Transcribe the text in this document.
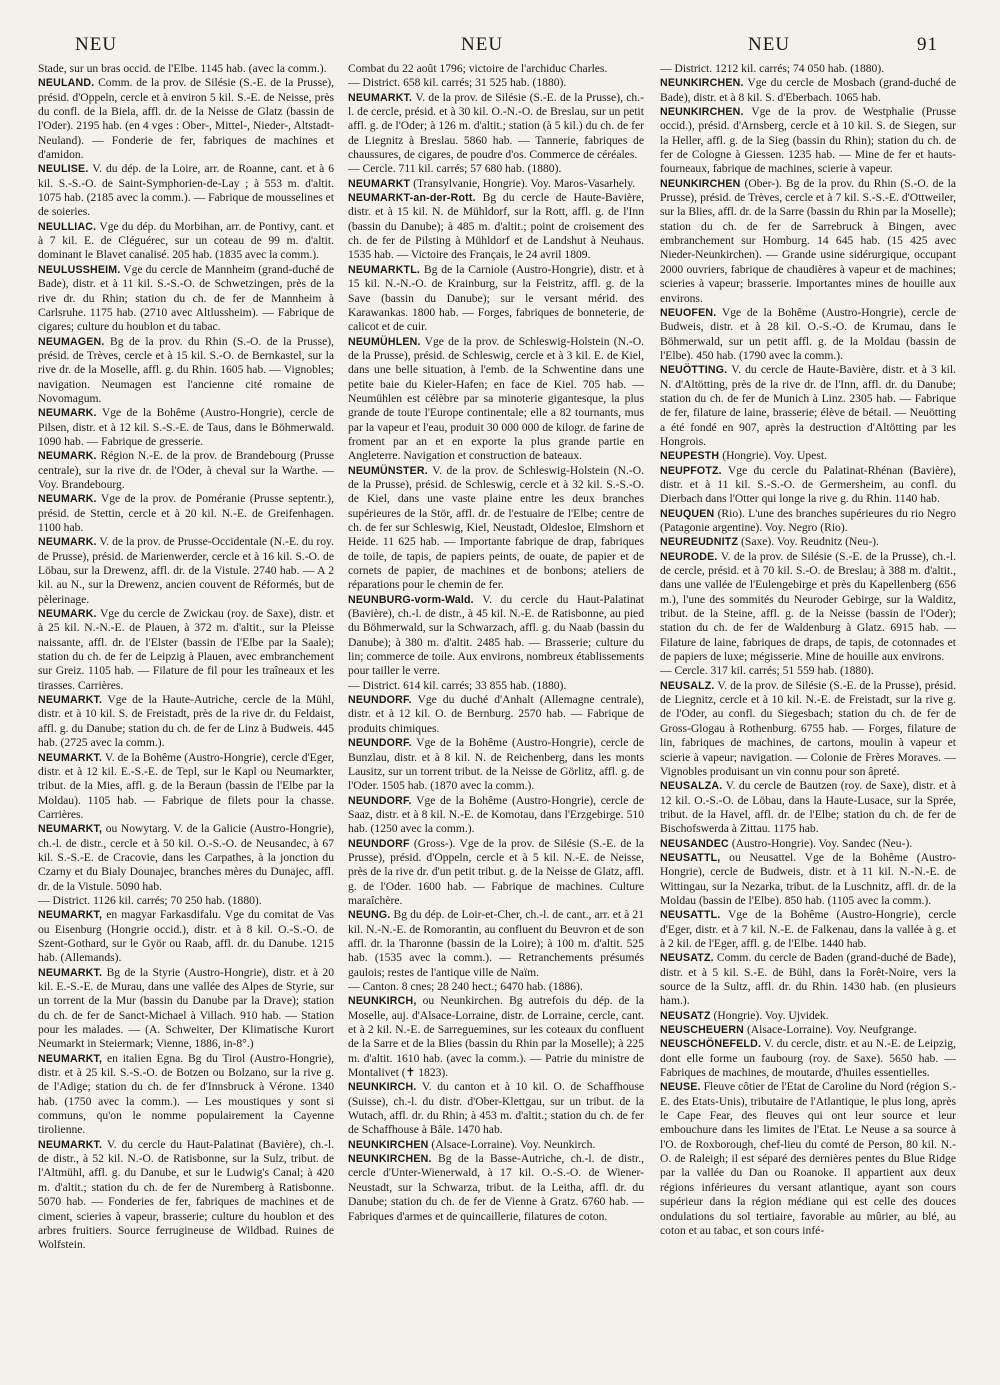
NEU	NEU	NEU	91

Stade, sur un bras occid. de l'Elbe. 1145 hab. (avec la comm.).

NEULAND. Comm. de la prov. de Silésie (S.-E. de la Prusse), présid. d'Oppeln, cercle et à environ 5 kil. S.-E. de Neisse, près du confl. de la Biela, affl. dr. de la Neisse de Glatz (bassin de l'Oder). 2195 hab. (en 4 vges : Ober-, Mittel-, Nieder-, Altstadt-Neuland). — Fonderie de fer, fabriques de machines et d'amidon.

NEULISE. V. du dép. de la Loire, arr. de Roanne, cant. et à 6 kil. S.-S.-O. de Saint-Symphorien-de-Lay ; à 553 m. d'altit. 1075 hab. (2185 avec la comm.). — Fabrique de mousselines et de soieries.

NEULLIAC. Vge du dép. du Morbihan, arr. de Pontivy, cant. et à 7 kil. E. de Cléguérec, sur un coteau de 99 m. d'altit. dominant le Blavet canalisé. 205 hab. (1835 avec la comm.).

NEULUSSHEIM. Vge du cercle de Mannheim (grand-duché de Bade), distr. et à 11 kil. S.-S.-O. de Schwetzingen, près de la rive dr. du Rhin; station du ch. de fer de Mannheim à Carlsruhe. 1175 hab. (2710 avec Altlussheim). — Fabrique de cigares; culture du houblon et du tabac.

NEUMAGEN. Bg de la prov. du Rhin (S.-O. de la Prusse), présid. de Trèves, cercle et à 15 kil. S.-O. de Bernkastel, sur la rive dr. de la Moselle, affl. g. du Rhin. 1605 hab. — Vignobles; navigation. Neumagen est l'ancienne cité romaine de Novomagum.

NEUMARK. Vge de la Bohême (Austro-Hongrie), cercle de Pilsen, distr. et à 12 kil. S.-S.-E. de Taus, dans le Böhmerwald. 1090 hab. — Fabrique de gresserie.

NEUMARK. Région N.-E. de la prov. de Brandebourg (Prusse centrale), sur la rive dr. de l'Oder, à cheval sur la Warthe. — Voy. Brandebourg.

NEUMARK. Vge de la prov. de Poméranie (Prusse septentr.), présid. de Stettin, cercle et à 20 kil. N.-E. de Greifenhagen. 1100 hab.

NEUMARK. V. de la prov. de Prusse-Occidentale (N.-E. du roy. de Prusse), présid. de Marienwerder, cercle et à 16 kil. S.-O. de Löbau, sur la Drewenz, affl. dr. de la Vistule. 2740 hab. — A 2 kil. au N., sur la Drewenz, ancien couvent de Réformés, but de pèlerinage.

NEUMARK. Vge du cercle de Zwickau (roy. de Saxe), distr. et à 25 kil. N.-N.-E. de Plauen, à 372 m. d'altit., sur la Pleisse naissante, affl. dr. de l'Elster (bassin de l'Elbe par la Saale); station du ch. de fer de Leipzig à Plauen, avec embranchement sur Greiz. 1105 hab. — Filature de fil pour les traîneaux et les tirasses. Carrières.

NEUMARKT. Vge de la Haute-Autriche, cercle de la Mühl, distr. et à 10 kil. S. de Freistadt, près de la rive dr. du Feldaist, affl. g. du Danube; station du ch. de fer de Linz à Budweis. 445 hab. (2725 avec la comm.).

NEUMARKT. V. de la Bohême (Austro-Hongrie), cercle d'Eger, distr. et à 12 kil. E.-S.-E. de Tepl, sur le Kapl ou Neumarkter, tribut. de la Mies, affl. g. de la Beraun (bassin de l'Elbe par la Moldau). 1105 hab. — Fabrique de filets pour la chasse. Carrières.

NEUMARKT, ou Nowytarg. V. de la Galicie (Austro-Hongrie), ch.-l. de distr., cercle et à 50 kil. O.-S.-O. de Neusandec, à 67 kil. S.-S.-E. de Cracovie, dans les Carpathes, à la jonction du Czarny et du Bialy Dounajec, branches mères du Dunajec, affl. dr. de la Vistule. 5090 hab.

— District. 1126 kil. carrés; 70 250 hab. (1880).

NEUMARKT, en magyar Farkasdifalu. Vge du comitat de Vas ou Eisenburg (Hongrie occid.), distr. et à 8 kil. O.-S.-O. de Szent-Gothard, sur le Györ ou Raab, affl. dr. du Danube. 1215 hab. (Allemands).

NEUMARKT. Bg de la Styrie (Austro-Hongrie), distr. et à 20 kil. E.-S.-E. de Murau, dans une vallée des Alpes de Styrie, sur un torrent de la Mur (bassin du Danube par la Drave); station du ch. de fer de Sanct-Michael à Villach. 910 hab. — Station pour les malades. — (A. Schweiter, Der Klimatische Kurort Neumarkt in Steiermark; Vienne, 1886, in-8°.)

NEUMARKT, en italien Egna. Bg du Tirol (Austro-Hongrie), distr. et à 25 kil. S.-S.-O. de Botzen ou Bolzano, sur la rive g. de l'Adige; station du ch. de fer d'Innsbruck à Vérone. 1340 hab. (1750 avec la comm.). — Les moustiques y sont si communs, qu'on le nomme populairement la Cayenne tirolienne.

NEUMARKT. V. du cercle du Haut-Palatinat (Bavière), ch.-l. de distr., à 52 kil. N.-O. de Ratisbonne, sur la Sulz, tribut. de l'Altmühl, affl. g. du Danube, et sur le Ludwig's Canal; à 420 m. d'altit.; station du ch. de fer de Nuremberg à Ratisbonne. 5070 hab. — Fonderies de fer, fabriques de machines et de ciment, scieries à vapeur, brasserie; culture du houblon et des arbres fruitiers. Source ferrugineuse de Wildbad. Ruines de Wolfstein.

Combat du 22 août 1796; victoire de l'archiduc Charles.

— District. 658 kil. carrés; 31 525 hab. (1880).

NEUMARKT. V. de la prov. de Silésie (S.-E. de la Prusse), ch.-l. de cercle, présid. et à 30 kil. O.-N.-O. de Breslau, sur un petit affl. g. de l'Oder; à 126 m. d'altit.; station (à 5 kil.) du ch. de fer de Liegnitz à Breslau. 5860 hab. — Tannerie, fabriques de chaussures, de cigares, de poudre d'os. Commerce de céréales.

— Cercle. 711 kil. carrés; 57 680 hab. (1880).

NEUMARKT (Transylvanie, Hongrie). Voy. Maros-Vasarhely.

NEUMARKT-an-der-Rott. Bg du cercle de Haute-Bavière, distr. et à 15 kil. N. de Mühldorf, sur la Rott, affl. g. de l'Inn (bassin du Danube); à 485 m. d'altit.; point de croisement des ch. de fer de Pilsting à Mühldorf et de Landshut à Neuhaus. 1535 hab. — Victoire des Français, le 24 avril 1809.

NEUMARKTL. Bg de la Carniole (Austro-Hongrie), distr. et à 15 kil. N.-N.-O. de Krainburg, sur la Feistritz, affl. g. de la Save (bassin du Danube); sur le versant mérid. des Karawankas. 1800 hab. — Forges, fabriques de bonneterie, de calicot et de cuir.

NEUMÜHLEN. Vge de la prov. de Schleswig-Holstein (N.-O. de la Prusse), présid. de Schleswig, cercle et à 3 kil. E. de Kiel, dans une belle situation, à l'emb. de la Schwentine dans une petite baie du Kieler-Hafen; en face de Kiel. 705 hab. — Neumühlen est célèbre par sa minoterie gigantesque, la plus grande de toute l'Europe continentale; elle a 82 tournants, mus par la vapeur et l'eau, produit 30 000 000 de kilogr. de farine de froment par an et en exporte la plus grande partie en Angleterre. Navigation et construction de bateaux.

NEUMÜNSTER. V. de la prov. de Schleswig-Holstein (N.-O. de la Prusse), présid. de Schleswig, cercle et à 32 kil. S.-S.-O. de Kiel, dans une vaste plaine entre les deux branches supérieures de la Stör, affl. dr. de l'estuaire de l'Elbe; centre de ch. de fer sur Schleswig, Kiel, Neustadt, Oldesloe, Elmshorn et Heide. 11 625 hab. — Importante fabrique de drap, fabriques de toile, de tapis, de papiers peints, de ouate, de papier et de cornets de papier, de machines et de bonbons; ateliers de réparations pour le chemin de fer.

NEUNBURG-vorm-Wald. V. du cercle du Haut-Palatinat (Bavière), ch.-l. de distr., à 45 kil. N.-E. de Ratisbonne, au pied du Böhmerwald, sur la Schwarzach, affl. g. du Naab (bassin du Danube); à 380 m. d'altit. 2485 hab. — Brasserie; culture du lin; commerce de toile. Aux environs, nombreux établissements pour tailler le verre.

— District. 614 kil. carrés; 33 855 hab. (1880).

NEUNDORF. Vge du duché d'Anhalt (Allemagne centrale), distr. et à 12 kil. O. de Bernburg. 2570 hab. — Fabrique de produits chimiques.

NEUNDORF. Vge de la Bohême (Austro-Hongrie), cercle de Bunzlau, distr. et à 8 kil. N. de Reichenberg, dans les monts Lausitz, sur un torrent tribut. de la Neisse de Görlitz, affl. g. de l'Oder. 1505 hab. (1870 avec la comm.).

NEUNDORF. Vge de la Bohême (Austro-Hongrie), cercle de Saaz, distr. et à 8 kil. N.-E. de Komotau, dans l'Erzgebirge. 510 hab. (1250 avec la comm.).

NEUNDORF (Gross-). Vge de la prov. de Silésie (S.-E. de la Prusse), présid. d'Oppeln, cercle et à 5 kil. N.-E. de Neisse, près de la rive dr. d'un petit tribut. g. de la Neisse de Glatz, affl. g. de l'Oder. 1600 hab. — Fabrique de machines. Culture maraîchère.

NEUNG. Bg du dép. de Loir-et-Cher, ch.-l. de cant., arr. et à 21 kil. N.-N.-E. de Romorantin, au confluent du Beuvron et de son affl. dr. la Tharonne (bassin de la Loire); à 100 m. d'altit. 525 hab. (1535 avec la comm.). — Retranchements présumés gaulois; restes de l'antique ville de Naïm.

— Canton. 8 cnes; 28 240 hect.; 6470 hab. (1886).

NEUNKIRCH, ou Neunkirchen. Bg autrefois du dép. de la Moselle, auj. d'Alsace-Lorraine, distr. de Lorraine, cercle, cant. et à 2 kil. N.-E. de Sarreguemines, sur les coteaux du confluent de la Sarre et de la Blies (bassin du Rhin par la Moselle); à 225 m. d'altit. 1610 hab. (avec la comm.). — Patrie du ministre de Montalivet (✝ 1823).

NEUNKIRCH. V. du canton et à 10 kil. O. de Schaffhouse (Suisse), ch.-l. du distr. d'Ober-Klettgau, sur un tribut. de la Wutach, affl. dr. du Rhin; à 453 m. d'altit.; station du ch. de fer de Schaffhouse à Bâle. 1470 hab.

NEUNKIRCHEN (Alsace-Lorraine). Voy. Neunkirch.

NEUNKIRCHEN. Bg de la Basse-Autriche, ch.-l. de distr., cercle d'Unter-Wienerwald, à 17 kil. O.-S.-O. de Wiener-Neustadt, sur la Schwarza, tribut. de la Leitha, affl. dr. du Danube; station du ch. de fer de Vienne à Gratz. 6760 hab. — Fabriques d'armes et de quincaillerie, filatures de coton.

— District. 1212 kil. carrés; 74 050 hab. (1880).

NEUNKIRCHEN. Vge du cercle de Mosbach (grand-duché de Bade), distr. et à 8 kil. S. d'Eberbach. 1065 hab.

NEUNKIRCHEN. Vge de la prov. de Westphalie (Prusse occid.), présid. d'Arnsberg, cercle et à 10 kil. S. de Siegen, sur la Heller, affl. g. de la Sieg (bassin du Rhin); station du ch. de fer de Cologne à Giessen. 1235 hab. — Mine de fer et hauts-fourneaux, fabrique de machines, scierie à vapeur.

NEUNKIRCHEN (Ober-). Bg de la prov. du Rhin (S.-O. de la Prusse), présid. de Trèves, cercle et à 7 kil. S.-S.-E. d'Ottweiler, sur la Blies, affl. dr. de la Sarre (bassin du Rhin par la Moselle); station du ch. de fer de Sarrebruck à Bingen, avec embranchement sur Homburg. 14 645 hab. (15 425 avec Nieder-Neunkirchen). — Grande usine sidérurgique, occupant 2000 ouvriers, fabrique de chaudières à vapeur et de machines; scieries à vapeur; brasserie. Importantes mines de houille aux environs.

NEUOFEN. Vge de la Bohême (Austro-Hongrie), cercle de Budweis, distr. et à 28 kil. O.-S.-O. de Krumau, dans le Böhmerwald, sur un petit affl. g. de la Moldau (bassin de l'Elbe). 450 hab. (1790 avec la comm.).

NEUÖTTING. V. du cercle de Haute-Bavière, distr. et à 3 kil. N. d'Altötting, près de la rive dr. de l'Inn, affl. dr. du Danube; station du ch. de fer de Munich à Linz. 2305 hab. — Fabrique de fer, filature de laine, brasserie; élève de bétail. — Neuötting a été fondé en 907, après la destruction d'Altötting par les Hongrois.

NEUPESTH (Hongrie). Voy. Upest.

NEUPFOTZ. Vge du cercle du Palatinat-Rhénan (Bavière), distr. et à 11 kil. S.-S.-O. de Germersheim, au confl. du Dierbach dans l'Otter qui longe la rive g. du Rhin. 1140 hab.

NEUQUEN (Rio). L'une des branches supérieures du rio Negro (Patagonie argentine). Voy. Negro (Rio).

NEUREUDNITZ (Saxe). Voy. Reudnitz (Neu-).

NEURODE. V. de la prov. de Silésie (S.-E. de la Prusse), ch.-l. de cercle, présid. et à 70 kil. S.-O. de Breslau; à 388 m. d'altit., dans une vallée de l'Eulengebirge et près du Kapellenberg (656 m.), l'une des sommités du Neuroder Gebirge, sur la Walditz, tribut. de la Steine, affl. g. de la Neisse (bassin de l'Oder); station du ch. de fer de Waldenburg à Glatz. 6915 hab. — Filature de laine, fabriques de draps, de tapis, de cotonnades et de papiers de luxe; mégisserie. Mine de houille aux environs.

— Cercle. 317 kil. carrés; 51 559 hab. (1880).

NEUSALZ. V. de la prov. de Silésie (S.-E. de la Prusse), présid. de Liegnitz, cercle et à 10 kil. N.-E. de Freistadt, sur la rive g. de l'Oder, au confl. du Siegesbach; station du ch. de fer de Gross-Glogau à Rothenburg. 6755 hab. — Forges, filature de lin, fabriques de machines, de cartons, moulin à vapeur et scierie à vapeur; navigation. — Colonie de Frères Moraves. — Vignobles produisant un vin connu pour son âpreté.

NEUSALZA. V. du cercle de Bautzen (roy. de Saxe), distr. et à 12 kil. O.-S.-O. de Löbau, dans la Haute-Lusace, sur la Sprée, tribut. de la Havel, affl. dr. de l'Elbe; station du ch. de fer de Bischofswerda à Zittau. 1175 hab.

NEUSANDEC (Austro-Hongrie). Voy. Sandec (Neu-).

NEUSATTL, ou Neusattel. Vge de la Bohême (Austro-Hongrie), cercle de Budweis, distr. et à 11 kil. N.-N.-E. de Wittingau, sur la Nezarka, tribut. de la Luschnitz, affl. dr. de la Moldau (bassin de l'Elbe). 850 hab. (1105 avec la comm.).

NEUSATTL. Vge de la Bohême (Austro-Hongrie), cercle d'Eger, distr. et à 7 kil. N.-E. de Falkenau, dans la vallée à g. et à 2 kil. de l'Eger, affl. g. de l'Elbe. 1440 hab.

NEUSATZ. Comm. du cercle de Baden (grand-duché de Bade), distr. et à 5 kil. S.-E. de Bühl, dans la Forêt-Noire, vers la source de la Sultz, affl. dr. du Rhin. 1430 hab. (en plusieurs ham.).

NEUSATZ (Hongrie). Voy. Ujvidek.

NEUSCHEUERN (Alsace-Lorraine). Voy. Neufgrange.

NEUSCHÖNEFELD. V. du cercle, distr. et au N.-E. de Leipzig, dont elle forme un faubourg (roy. de Saxe). 5650 hab. — Fabriques de machines, de moutarde, d'huiles essentielles.

NEUSE. Fleuve côtier de l'Etat de Caroline du Nord (région S.-E. des Etats-Unis), tributaire de l'Atlantique, le plus long, après le Cape Fear, des fleuves qui ont leur source et leur embouchure dans les limites de l'Etat. Le Neuse a sa source à l'O. de Roxborough, chef-lieu du comté de Person, 80 kil. N.-O. de Raleigh; il est séparé des dernières pentes du Blue Ridge par la vallée du Dan ou Roanoke. Il appartient aux deux régions inférieures du versant atlantique, ayant son cours supérieur dans la région médiane qui est celle des douces ondulations du sol tertiaire, favorable au mûrier, au blé, au coton et au tabac, et son cours infé-
